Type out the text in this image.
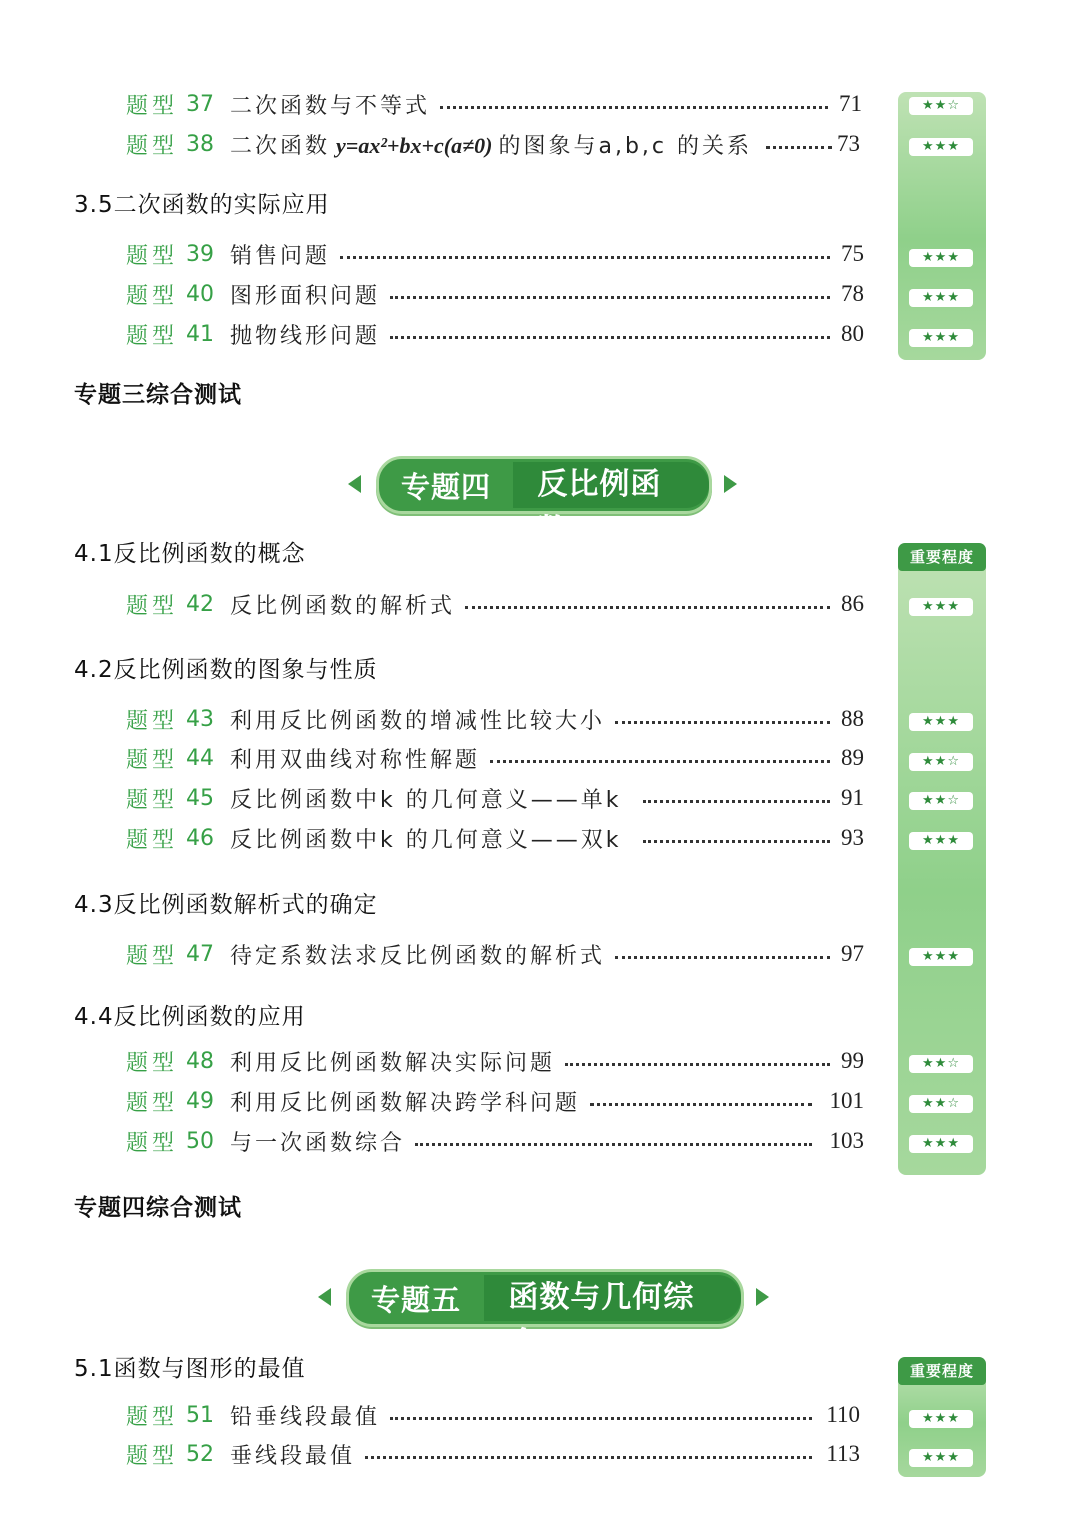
重要程度
重要程度
题型 37 二次函数与不等式	71	★★☆
题型 38 二次函数 y=ax²+bx+c(a≠0) 的图象与a,b,c 的关系	73	★★★
3.5二次函数的实际应用
题型 39 销售问题	75	★★★
题型 40 图形面积问题	78	★★★
题型 41 抛物线形问题	80	★★★
专题三综合测试
专题四	反比例函数
4.1反比例函数的概念
题型 42 反比例函数的解析式	86	★★★
4.2反比例函数的图象与性质
题型 43 利用反比例函数的增减性比较大小	88	★★★
题型 44 利用双曲线对称性解题	89	★★☆
题型 45 反比例函数中k 的几何意义——单k	91	★★☆
题型 46 反比例函数中k 的几何意义——双k	93	★★★
4.3反比例函数解析式的确定
题型 47 待定系数法求反比例函数的解析式	97	★★★
4.4反比例函数的应用
题型 48 利用反比例函数解决实际问题	99	★★☆
题型 49 利用反比例函数解决跨学科问题	101	★★☆
题型 50 与一次函数综合	103	★★★
专题四综合测试
专题五	函数与几何综合
5.1函数与图形的最值
题型 51 铅垂线段最值	110	★★★
题型 52 垂线段最值	113	★★★
